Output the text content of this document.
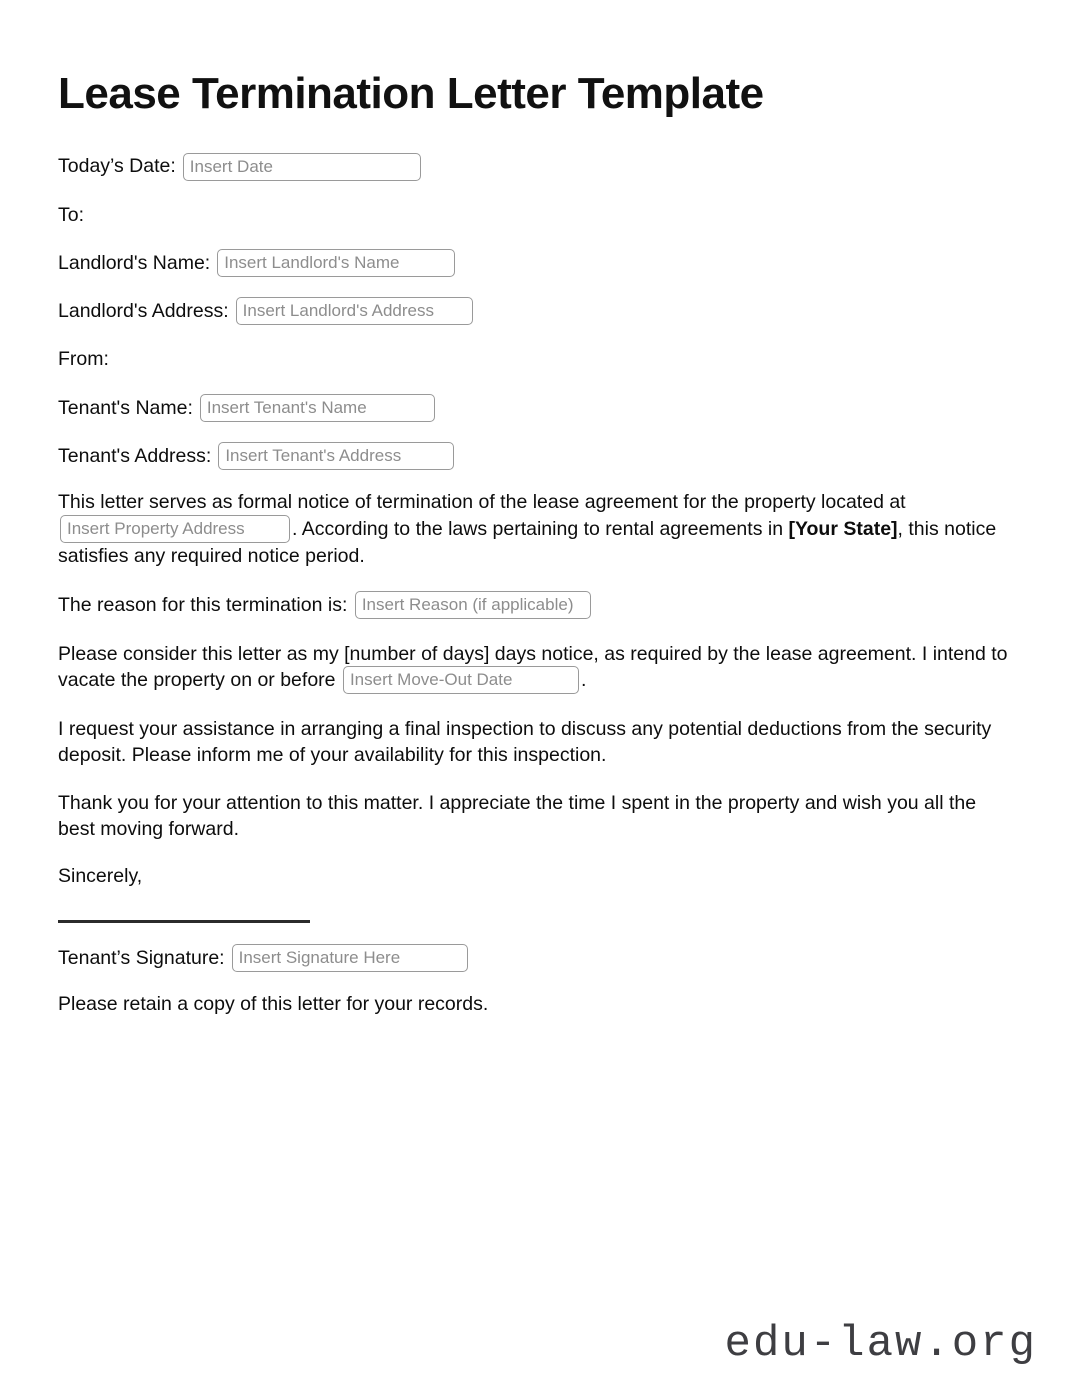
Lease Termination Letter Template
Today’s Date:
Insert Date
To:
Landlord's Name:
Insert Landlord's Name
Landlord's Address:
Insert Landlord's Address
From:
Tenant's Name:
Insert Tenant's Name
Tenant's Address:
Insert Tenant's Address

This letter serves as formal notice of termination of the lease agreement for the property located at Insert Property Address. According to the laws pertaining to rental agreements in [Your State], this notice satisfies any required notice period.

The reason for this termination is: Insert Reason (if applicable)

Please consider this letter as my [number of days] days notice, as required by the lease agreement. I intend to vacate the property on or before Insert Move-Out Date	.

I request your assistance in arranging a final inspection to discuss any potential deductions from the security deposit. Please inform me of your availability for this inspection.

Thank you for your attention to this matter. I appreciate the time I spent in the property and wish you all the best moving forward.

Sincerely,

Tenant’s Signature:
Insert Signature Here

Please retain a copy of this letter for your records.

edu-law.org
